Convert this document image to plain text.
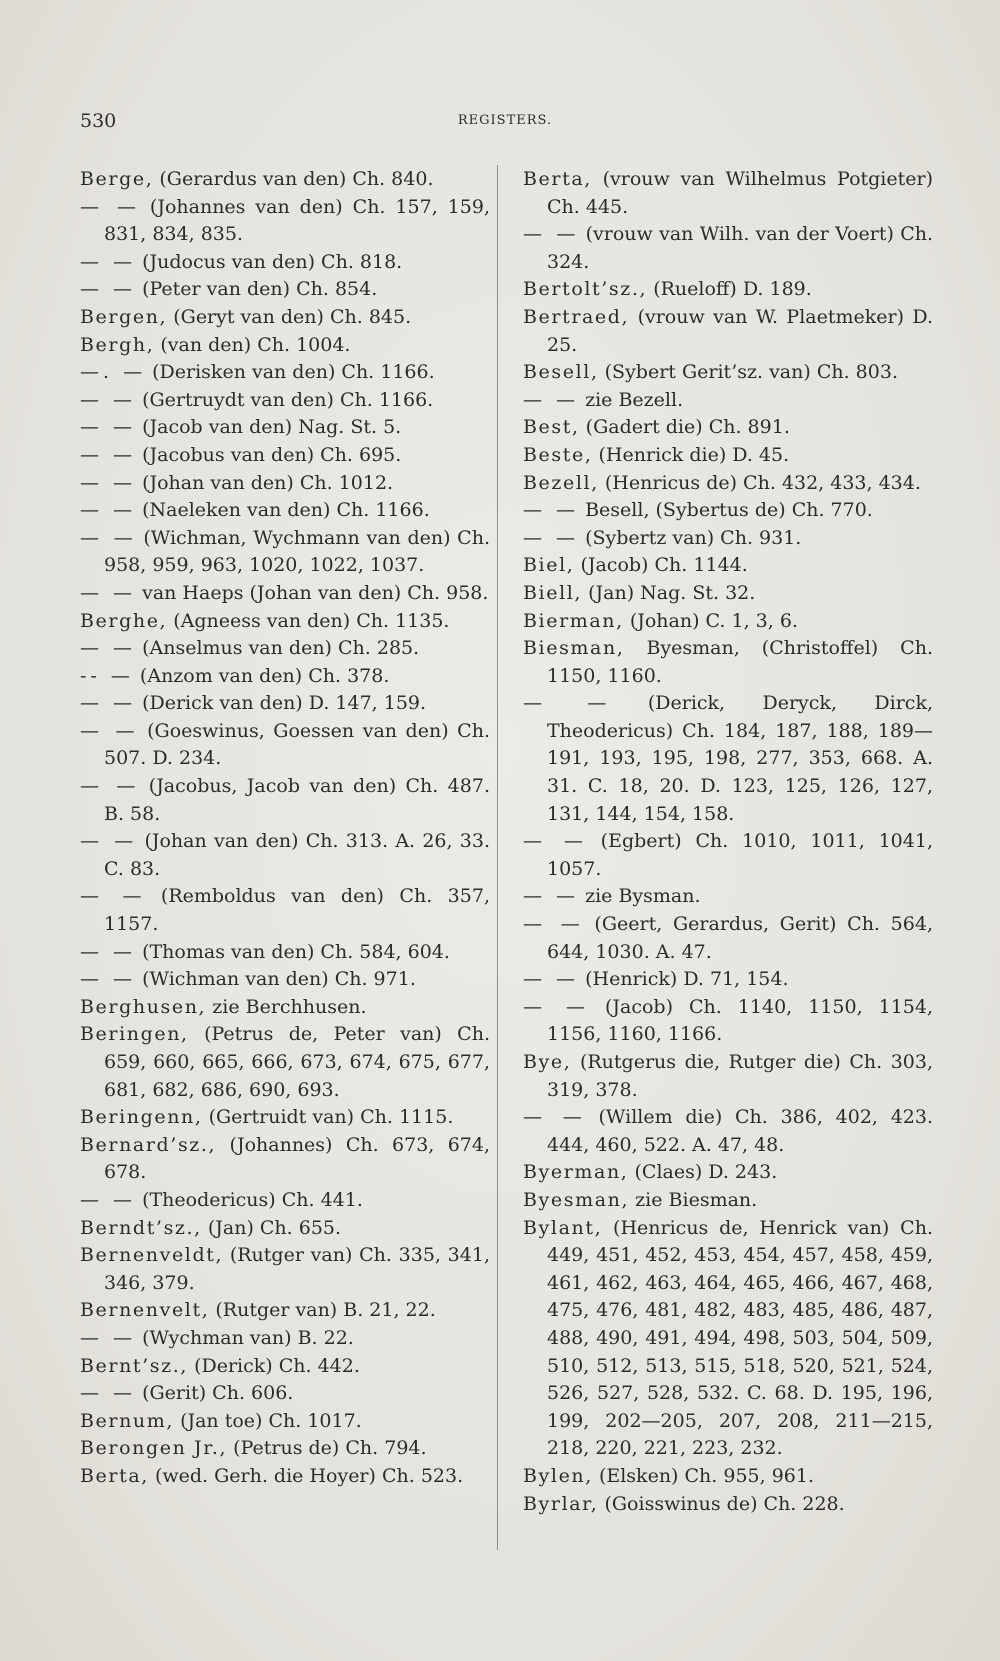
530	REGISTERS.

Berge, (Gerardus van den) Ch. 840.

— — (Johannes van den) Ch. 157, 159, 831, 834, 835.

— — (Judocus van den) Ch. 818.

— — (Peter van den) Ch. 854.

Bergen, (Geryt van den) Ch. 845.

Bergh, (van den) Ch. 1004.

—. — (Derisken van den) Ch. 1166.

— — (Gertruydt van den) Ch. 1166.

— — (Jacob van den) Nag. St. 5.

— — (Jacobus van den) Ch. 695.

— — (Johan van den) Ch. 1012.

— — (Naeleken van den) Ch. 1166.

— — (Wichman, Wychmann van den) Ch. 958, 959, 963, 1020, 1022, 1037.

— — van Haeps (Johan van den) Ch. 958.

Berghe, (Agneess van den) Ch. 1135.

— — (Anselmus van den) Ch. 285.

-- — (Anzom van den) Ch. 378.

— — (Derick van den) D. 147, 159.

— — (Goeswinus, Goessen van den) Ch. 507. D. 234.

— — (Jacobus, Jacob van den) Ch. 487. B. 58.

— — (Johan van den) Ch. 313. A. 26, 33. C. 83.

— — (Remboldus van den) Ch. 357, 1157.

— — (Thomas van den) Ch. 584, 604.

— — (Wichman van den) Ch. 971.

Berghusen, zie Berchhusen.

Beringen, (Petrus de, Peter van) Ch. 659, 660, 665, 666, 673, 674, 675, 677, 681, 682, 686, 690, 693.

Beringenn, (Gertruidt van) Ch. 1115.

Bernard’sz., (Johannes) Ch. 673, 674, 678.

— — (Theodericus) Ch. 441.

Berndt’sz., (Jan) Ch. 655.

Bernenveldt, (Rutger van) Ch. 335, 341, 346, 379.

Bernenvelt, (Rutger van) B. 21, 22.

— — (Wychman van) B. 22.

Bernt’sz., (Derick) Ch. 442.

— — (Gerit) Ch. 606.

Bernum, (Jan toe) Ch. 1017.

Berongen Jr., (Petrus de) Ch. 794.

Berta, (wed. Gerh. die Hoyer) Ch. 523.

Berta, (vrouw van Wilhelmus Potgieter) Ch. 445.

— — (vrouw van Wilh. van der Voert) Ch. 324.

Bertolt’sz., (Rueloff) D. 189.

Bertraed, (vrouw van W. Plaetmeker) D. 25.

Besell, (Sybert Gerit’sz. van) Ch. 803.

— — zie Bezell.

Best, (Gadert die) Ch. 891.

Beste, (Henrick die) D. 45.

Bezell, (Henricus de) Ch. 432, 433, 434.

— — Besell, (Sybertus de) Ch. 770.

— — (Sybertz van) Ch. 931.

Biel, (Jacob) Ch. 1144.

Biell, (Jan) Nag. St. 32.

Bierman, (Johan) C. 1, 3, 6.

Biesman, Byesman, (Christoffel) Ch. 1150, 1160.

— — (Derick, Deryck, Dirck, Theodericus) Ch. 184, 187, 188, 189—191, 193, 195, 198, 277, 353, 668. A. 31. C. 18, 20. D. 123, 125, 126, 127, 131, 144, 154, 158.

— — (Egbert) Ch. 1010, 1011, 1041, 1057.

— — zie Bysman.

— — (Geert, Gerardus, Gerit) Ch. 564, 644, 1030. A. 47.

— — (Henrick) D. 71, 154.

— — (Jacob) Ch. 1140, 1150, 1154, 1156, 1160, 1166.

Bye, (Rutgerus die, Rutger die) Ch. 303, 319, 378.

— — (Willem die) Ch. 386, 402, 423. 444, 460, 522. A. 47, 48.

Byerman, (Claes) D. 243.

Byesman, zie Biesman.

Bylant, (Henricus de, Henrick van) Ch. 449, 451, 452, 453, 454, 457, 458, 459, 461, 462, 463, 464, 465, 466, 467, 468, 475, 476, 481, 482, 483, 485, 486, 487, 488, 490, 491, 494, 498, 503, 504, 509, 510, 512, 513, 515, 518, 520, 521, 524, 526, 527, 528, 532. C. 68. D. 195, 196, 199, 202—205, 207, 208, 211—215, 218, 220, 221, 223, 232.

Bylen, (Elsken) Ch. 955, 961.

Byrlar, (Goisswinus de) Ch. 228.
